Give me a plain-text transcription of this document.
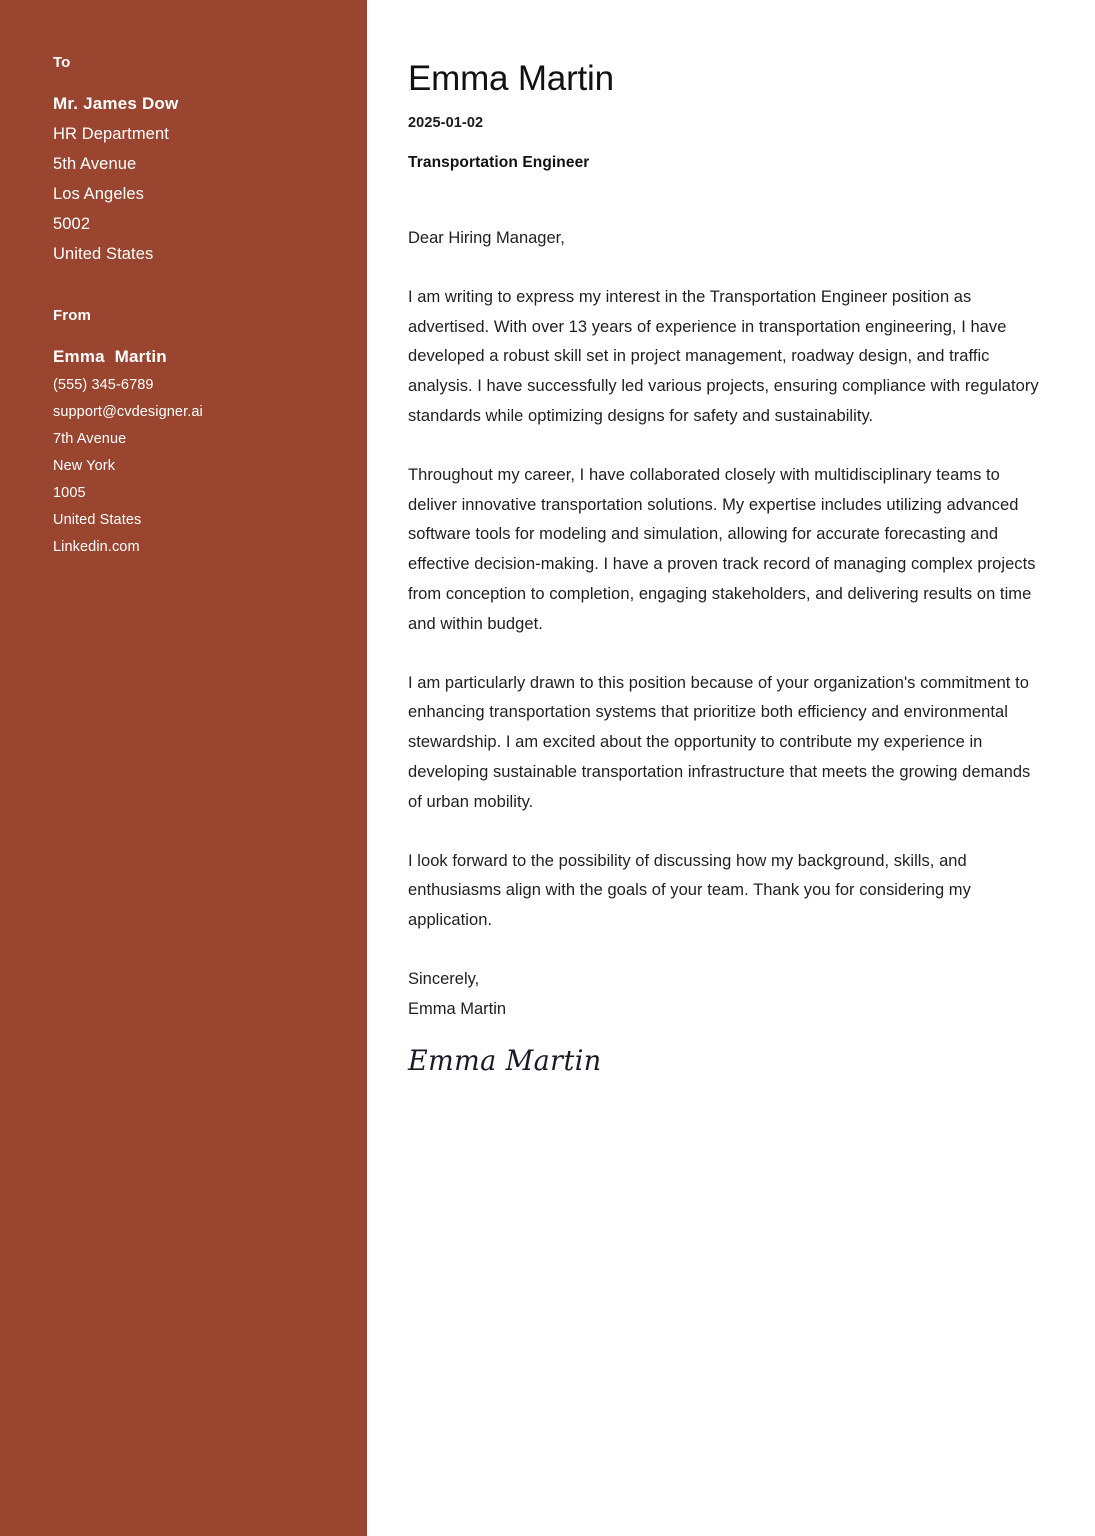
To
Mr. James Dow
HR Department
5th Avenue
Los Angeles
5002
United States
From
Emma  Martin
(555) 345-6789
support@cvdesigner.ai
7th Avenue
New York
1005
United States
Linkedin.com
Emma Martin
2025-01-02
Transportation Engineer

Dear Hiring Manager,

I am writing to express my interest in the Transportation Engineer position as advertised. With over 13 years of experience in transportation engineering, I have developed a robust skill set in project management, roadway design, and traffic analysis. I have successfully led various projects, ensuring compliance with regulatory standards while optimizing designs for safety and sustainability.

Throughout my career, I have collaborated closely with multidisciplinary teams to deliver innovative transportation solutions. My expertise includes utilizing advanced software tools for modeling and simulation, allowing for accurate forecasting and effective decision-making. I have a proven track record of managing complex projects from conception to completion, engaging stakeholders, and delivering results on time and within budget.

I am particularly drawn to this position because of your organization's commitment to enhancing transportation systems that prioritize both efficiency and environmental stewardship. I am excited about the opportunity to contribute my experience in developing sustainable transportation infrastructure that meets the growing demands of urban mobility.

I look forward to the possibility of discussing how my background, skills, and enthusiasms align with the goals of your team. Thank you for considering my application.

Sincerely,

Emma Martin

Emma Martin
